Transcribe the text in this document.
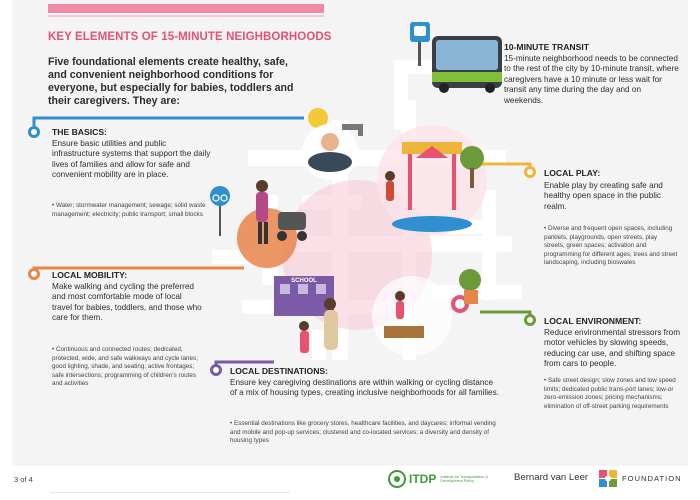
SCHOOL
KEY ELEMENTS OF 15-MINUTE NEIGHBORHOODS
Five foundational elements create healthy, safe, and convenient neighborhood conditions for everyone, but especially for babies, toddlers and their caregivers. They are:
THE BASICS:
Ensure basic utilities and public infrastructure systems that support the daily lives of families and allow for safe and convenient mobility are in place.
• Water; stormwater management; sewage; solid waste management; electricity; public transport; small blocks
LOCAL MOBILITY:
Make walking and cycling the preferred and most comfortable mode of local travel for babies, toddlers, and those who care for them.
• Continuous and connected routes; dedicated, protected, wide, and safe walkways and cycle lanes; good lighting, shade, and seating; active frontages; safe intersections; programming of children's routes and activities
10-MINUTE TRANSIT
15-minute neighborhood needs to be connected to the rest of the city by 10-minute transit, where caregivers have a 10 minute or less wait for transit any time during the day and on weekends.
LOCAL PLAY:
Enable play by creating safe and healthy open space in the public realm.
• Diverse and frequent open spaces, including parklets, playgrounds, open streets, play streets, green spaces; activation and programming for different ages; trees and street landscaping, including bioswales
LOCAL ENVIRONMENT:
Reduce environmental stressors from motor vehicles by slowing speeds, reducing car use, and shifting space from cars to people.
• Safe street design; slow zones and low speed limits; dedicated public trans-port lanes; low-or zero-emission zones; pricing mechanisms; elimination of off-street parking requirements
LOCAL DESTINATIONS:
Ensure key caregiving destinations are within walking or cycling distance of a mix of housing types, creating inclusive neighborhoods for all families.
• Essential destinations like grocery stores, healthcare facilities, and daycares; informal vending and mobile and pop-up services; clustered and co-located services; a diversity and density of housing types
3 of 4	ITDP Institute for Transportation & Development Policy	Bernard van Leer	FOUNDATION
